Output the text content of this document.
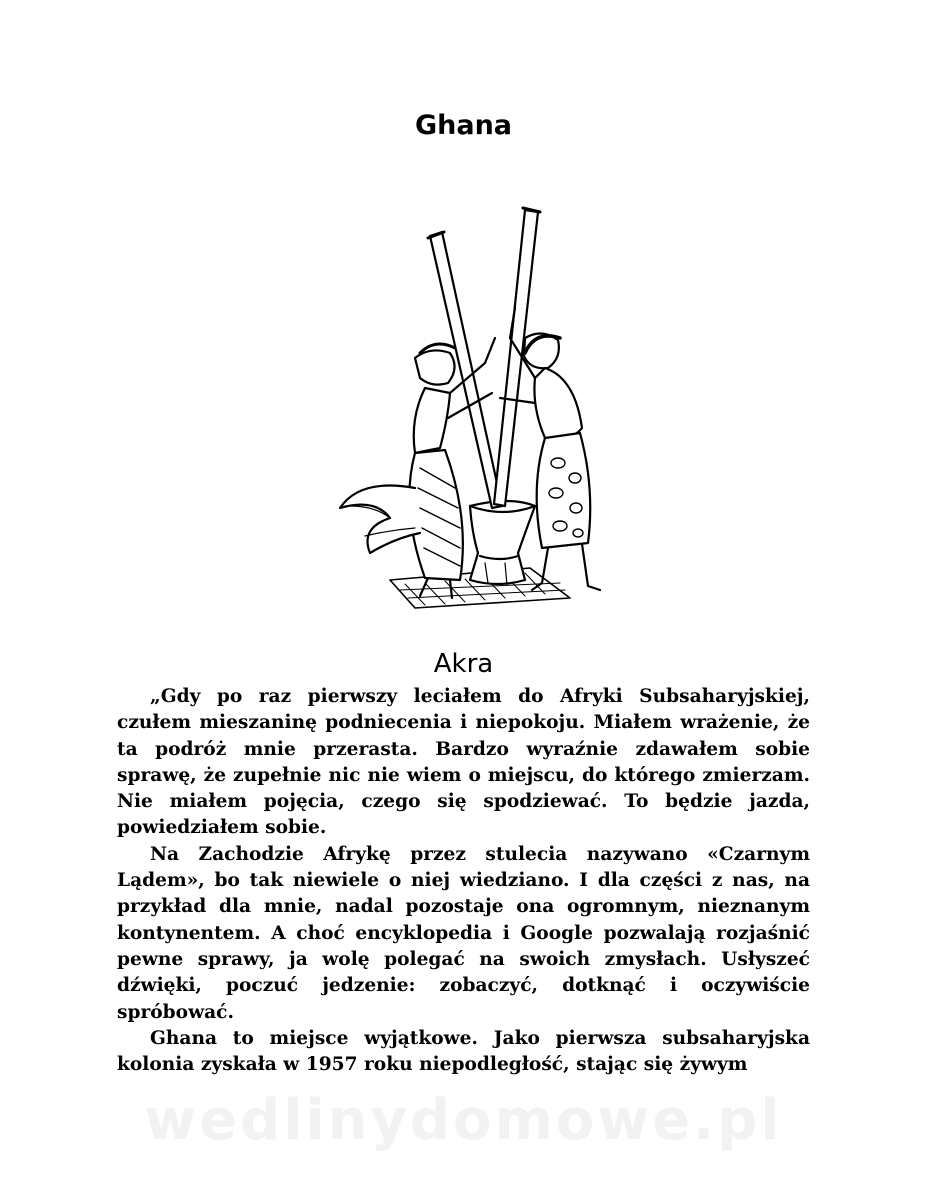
Ghana
Akra

„Gdy po raz pierwszy leciałem do Afryki Subsaharyjskiej, czułem mieszaninę podniecenia i niepokoju. Miałem wrażenie, że ta podróż mnie przerasta. Bardzo wyraźnie zdawałem sobie sprawę, że zupełnie nic nie wiem o miejscu, do którego zmierzam. Nie miałem pojęcia, czego się spodziewać. To będzie jazda, powiedziałem sobie.

Na Zachodzie Afrykę przez stulecia nazywano «Czarnym Lądem», bo tak niewiele o niej wiedziano. I dla części z nas, na przykład dla mnie, nadal pozostaje ona ogromnym, nieznanym kontynentem. A choć encyklopedia i Google pozwalają rozjaśnić pewne sprawy, ja wolę polegać na swoich zmysłach. Usłyszeć dźwięki, poczuć jedzenie: zobaczyć, dotknąć i oczywiście spróbować.

Ghana to miejsce wyjątkowe. Jako pierwsza subsaharyjska kolonia zyskała w 1957 roku niepodległość, stając się żywym

wedlinydomowe.pl
